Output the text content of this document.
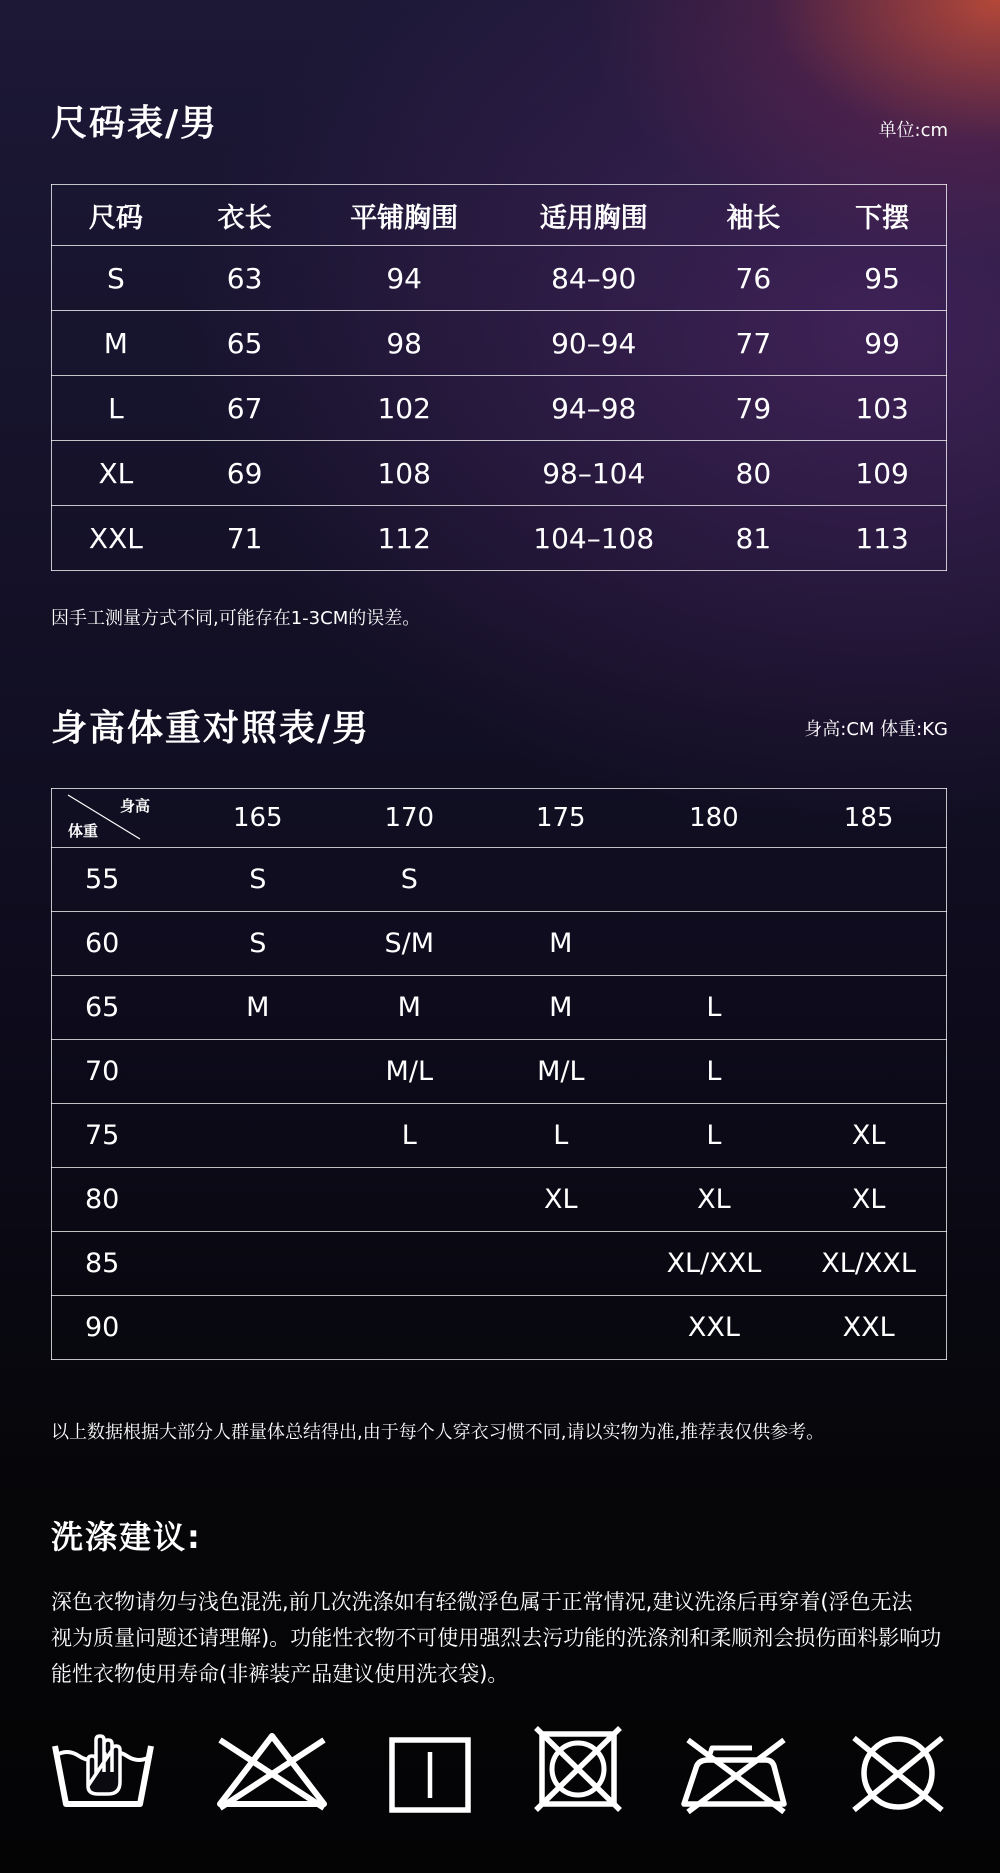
尺码表/男	单位:cm
尺码	衣长	平铺胸围	适用胸围	袖长	下摆
S	63	94	84–90	76	95
M	65	98	90–94	77	99
L	67	102	94–98	79	103
XL	69	108	98–104	80	109
XXL	71	112	104–108	81	113
因手工测量方式不同,可能存在1-3CM的误差。
身高体重对照表/男	身高:CM 体重:KG
身高
体重	165	170	175	180	185
55	S	S			
60	S	S/M	M		
65	M	M	M	L	
70		M/L	M/L	L	
75		L	L	L	XL
80			XL	XL	XL
85				XL/XXL	XL/XXL
90				XXL	XXL
以上数据根据大部分人群量体总结得出,由于每个人穿衣习惯不同,请以实物为准,推荐表仅供参考。
洗涤建议:
深色衣物请勿与浅色混洗,前几次洗涤如有轻微浮色属于正常情况,建议洗涤后再穿着(浮色无法
视为质量问题还请理解)。功能性衣物不可使用强烈去污功能的洗涤剂和柔顺剂会损伤面料影响功
能性衣物使用寿命(非裤装产品建议使用洗衣袋)。
